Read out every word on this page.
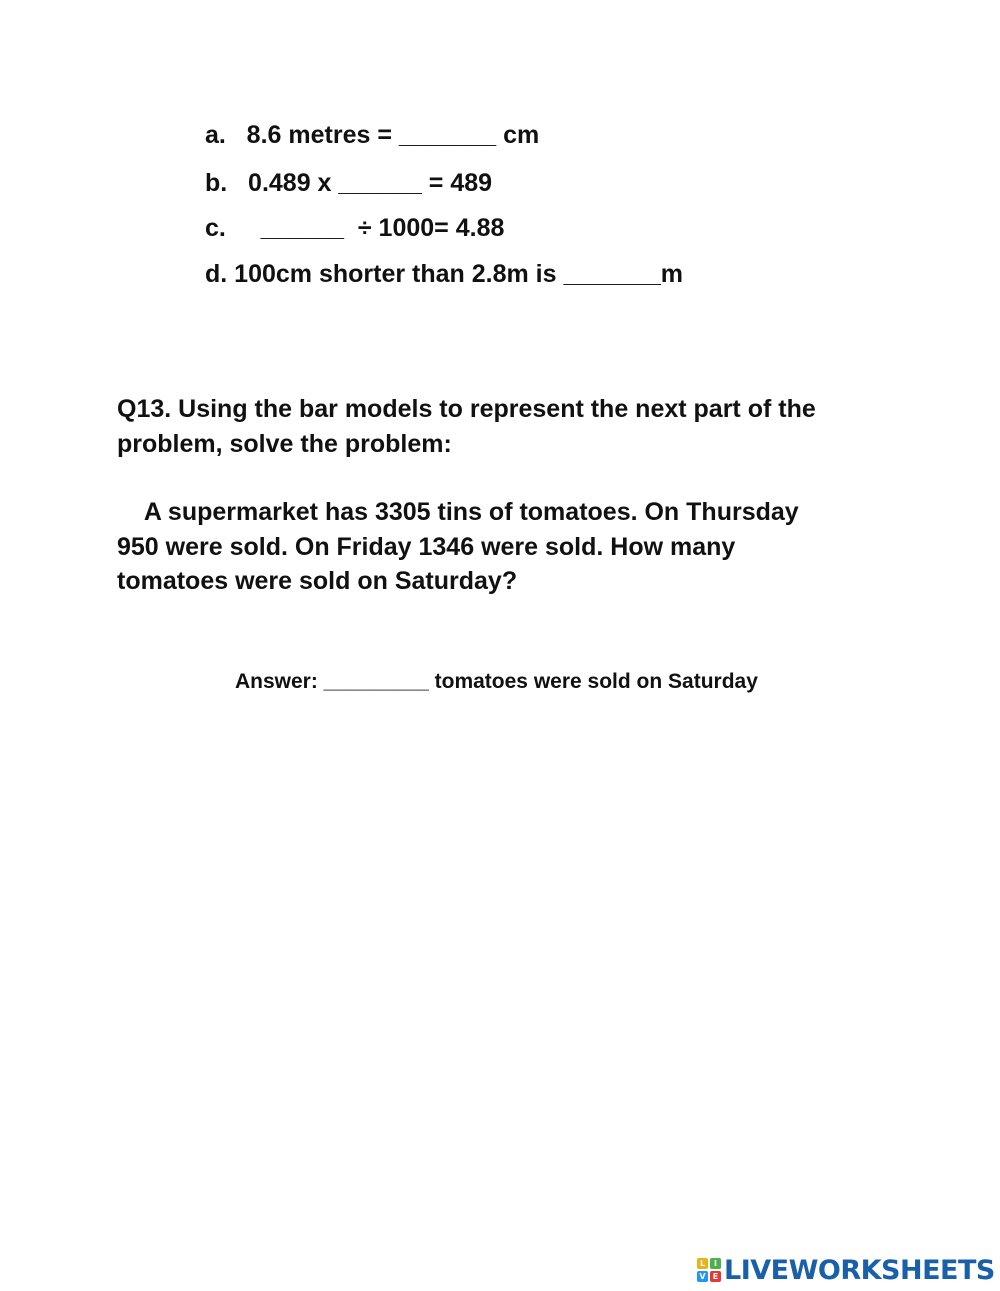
a.   8.6 metres = _______ cm
b.   0.489 x ______ = 489
c.     ______  ÷ 1000= 4.88
d. 100cm shorter than 2.8m is _______m
Q13. Using the bar models to represent the next part of the
problem, solve the problem:
A supermarket has 3305 tins of tomatoes. On Thursday
950 were sold. On Friday 1346 were sold. How many
tomatoes were sold on Saturday?
Answer: _________ tomatoes were sold on Saturday
L	I
V E LIVEWORKSHEETS
